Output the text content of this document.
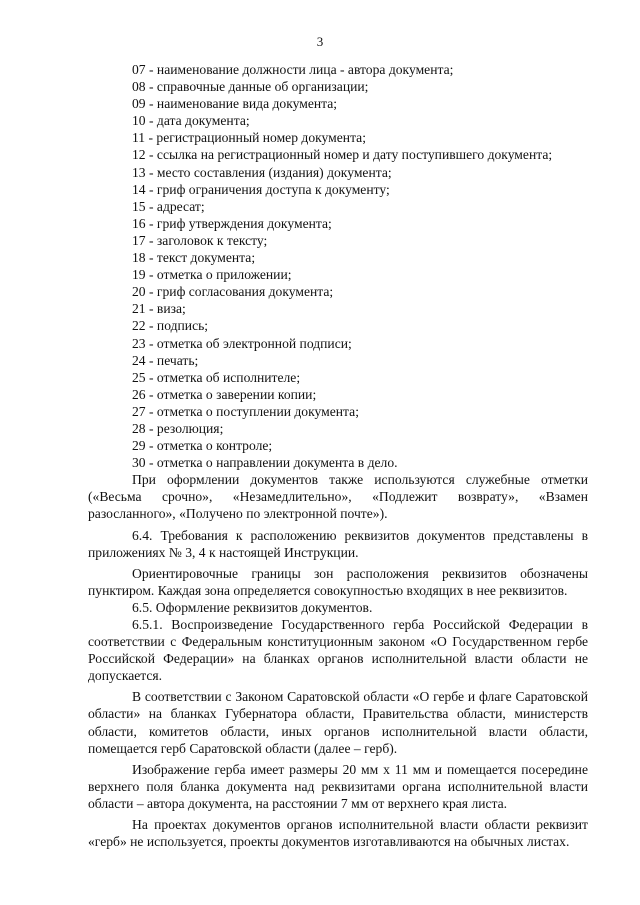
3
07 - наименование должности лица - автора документа;
08 - справочные данные об организации;
09 - наименование вида документа;
10 - дата документа;
11 - регистрационный номер документа;
12 - ссылка на регистрационный номер и дату поступившего документа;
13 - место составления (издания) документа;
14 - гриф ограничения доступа к документу;
15 - адресат;
16 - гриф утверждения документа;
17 - заголовок к тексту;
18 - текст документа;
19 - отметка о приложении;
20 - гриф согласования документа;
21 - виза;
22 - подпись;
23 - отметка об электронной подписи;
24 - печать;
25 - отметка об исполнителе;
26 - отметка о заверении копии;
27 - отметка о поступлении документа;
28 - резолюция;
29 - отметка о контроле;
30 - отметка о направлении документа в дело.

При оформлении документов также используются служебные отметки («Весьма срочно», «Незамедлительно», «Подлежит возврату», «Взамен разосланного», «Получено по электронной почте»).

6.4. Требования к расположению реквизитов документов представлены в приложениях № 3, 4 к настоящей Инструкции.

Ориентировочные границы зон расположения реквизитов обозначены пунктиром. Каждая зона определяется совокупностью входящих в нее реквизитов.

6.5. Оформление реквизитов документов.

6.5.1. Воспроизведение Государственного герба Российской Федерации в соответствии с Федеральным конституционным законом «О Государственном гербе Российской Федерации» на бланках органов исполнительной власти области не допускается.

В соответствии с Законом Саратовской области «О гербе и флаге Саратовской области» на бланках Губернатора области, Правительства области, министерств области, комитетов области, иных органов исполнительной власти области, помещается герб Саратовской области (далее – герб).

Изображение герба имеет размеры 20 мм х 11 мм и помещается посередине верхнего поля бланка документа над реквизитами органа исполнительной власти области – автора документа, на расстоянии 7 мм от верхнего края листа.

На проектах документов органов исполнительной власти области реквизит «герб» не используется, проекты документов изготавливаются на обычных листах.
